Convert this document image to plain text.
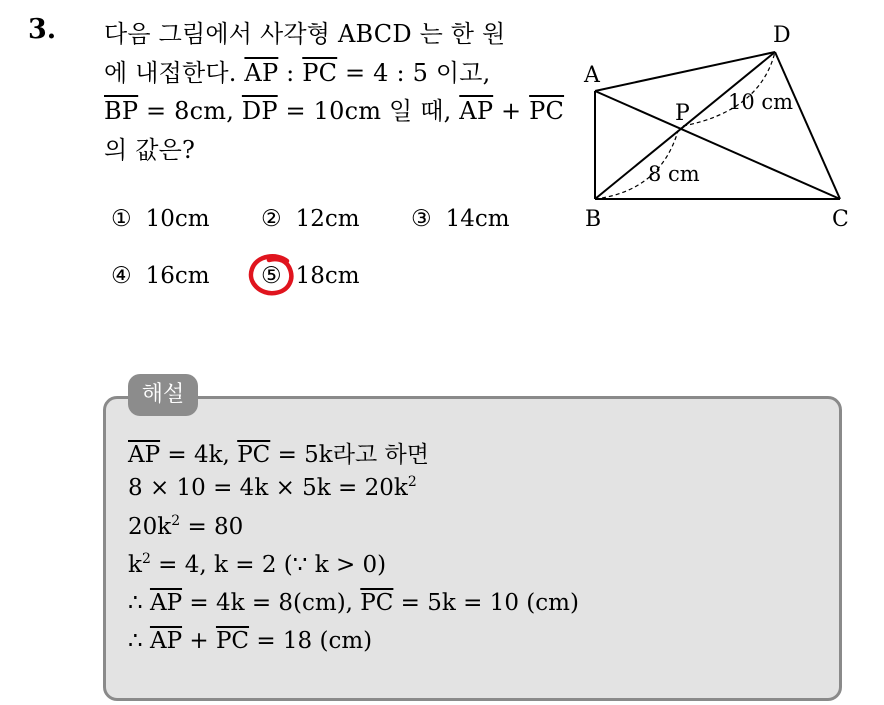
3. 다음 그림에서 사각형 ABCD 는 한 원
에 내접한다. $\overline{AP}$ : $\overline{PC} = 4$ : 5 이고,
$\overline{BP} = 8cm$, $\overline{DP} = 10cm$ 일 때, $\overline{AP} + \overline{PC}$
의 값은?
D
A
P 10 cm
8 cm
B	C
① 10cm ② 12cm ③ 14cm
④ 16cm ⑤ 18cm
해설
$\overline{AP} = 4k$, $\overline{PC} = 5k$라고 하면
$8 \times 10 = 4k \times 5k = 20k^2$
$20k^2 = 80$
$k^2 = 4$, k = 2 (∵ k > 0)
∴ $\overline{AP} = 4k = 8(cm)$, $\overline{PC} = 5k = 10$ (cm)
∴ $\overline{AP} + \overline{PC} = 18$ (cm)
